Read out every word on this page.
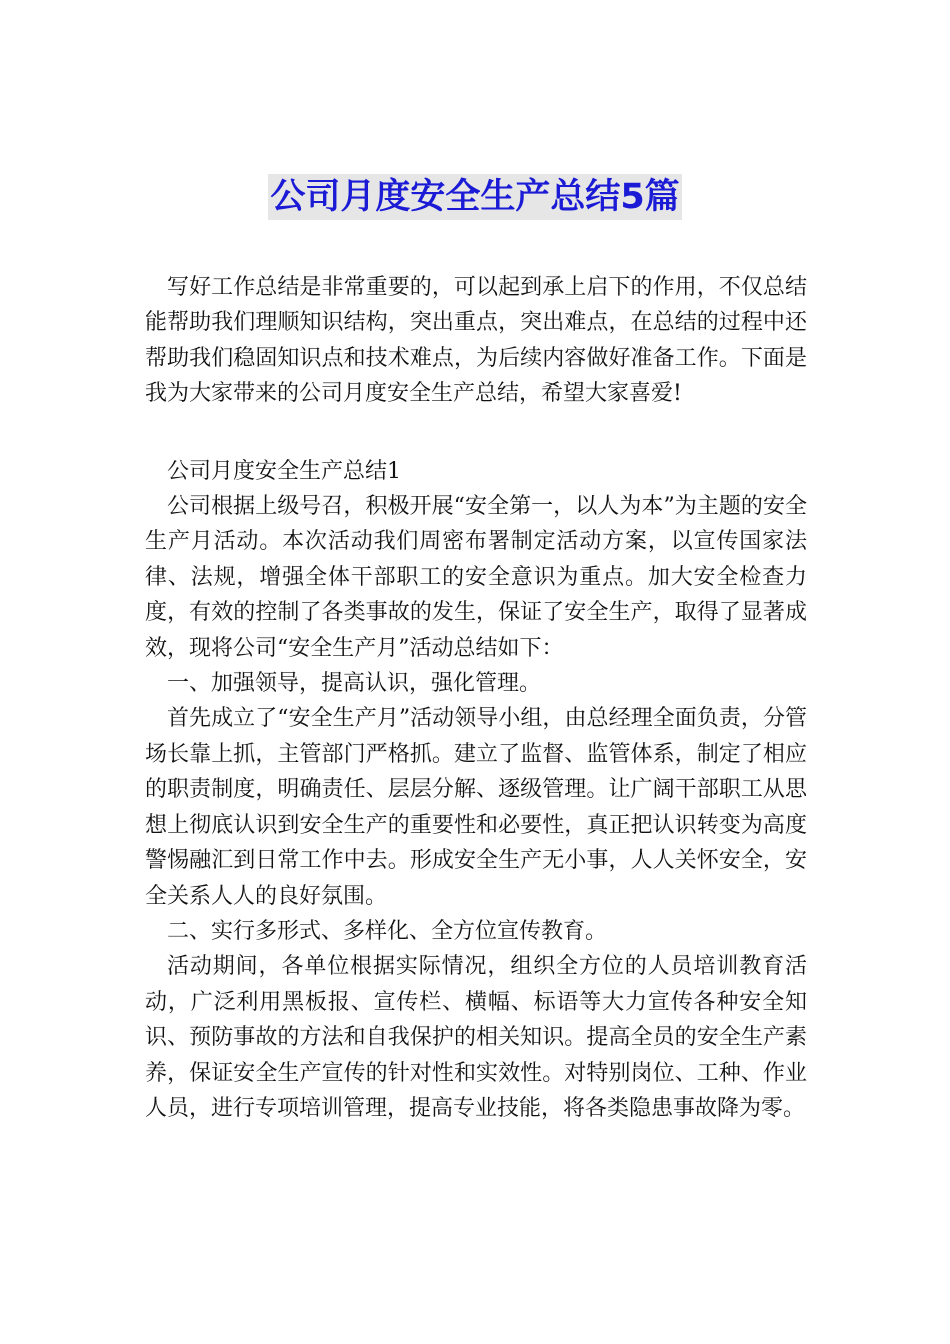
公司月度安全生产总结5篇

写好工作总结是非常重要的，可以起到承上启下的作用，不仅总结能帮助我们理顺知识结构，突出重点，突出难点，在总结的过程中还帮助我们稳固知识点和技术难点，为后续内容做好准备工作。下面是我为大家带来的公司月度安全生产总结，希望大家喜爱!

公司月度安全生产总结1

公司根据上级号召，积极开展“安全第一，以人为本”为主题的安全生产月活动。本次活动我们周密布署制定活动方案，以宣传国家法律、法规，增强全体干部职工的安全意识为重点。加大安全检查力度，有效的控制了各类事故的发生，保证了安全生产，取得了显著成效，现将公司“安全生产月”活动总结如下：

一、加强领导，提高认识，强化管理。

首先成立了“安全生产月”活动领导小组，由总经理全面负责，分管场长靠上抓，主管部门严格抓。建立了监督、监管体系，制定了相应的职责制度，明确责任、层层分解、逐级管理。让广阔干部职工从思想上彻底认识到安全生产的重要性和必要性，真正把认识转变为高度警惕融汇到日常工作中去。形成安全生产无小事，人人关怀安全，安全关系人人的良好氛围。

二、实行多形式、多样化、全方位宣传教育。

活动期间，各单位根据实际情况，组织全方位的人员培训教育活动，广泛利用黑板报、宣传栏、横幅、标语等大力宣传各种安全知识、预防事故的方法和自我保护的相关知识。提高全员的安全生产素养，保证安全生产宣传的针对性和实效性。对特别岗位、工种、作业人员，进行专项培训管理，提高专业技能，将各类隐患事故降为零。
